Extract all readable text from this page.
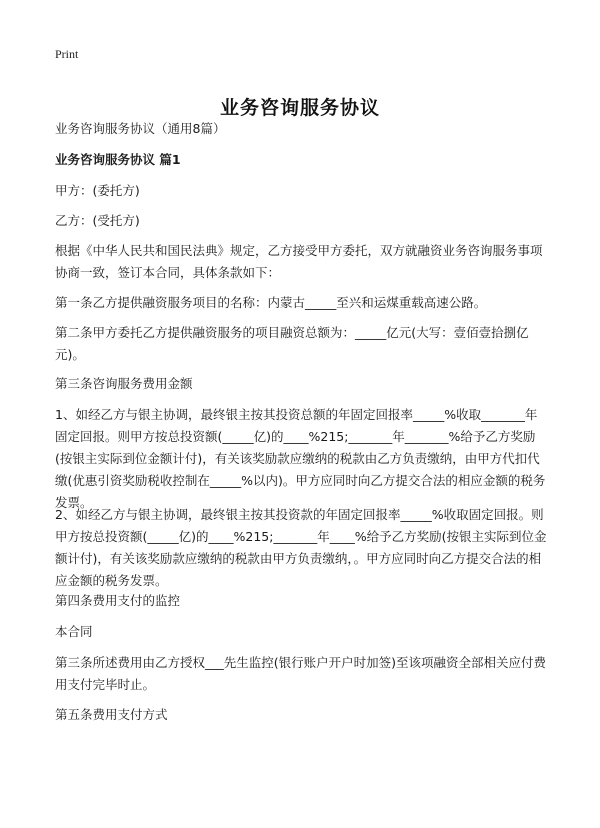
Print
业务咨询服务协议

业务咨询服务协议（通用8篇）

业务咨询服务协议 篇1

甲方：(委托方)

乙方：(受托方)

根据《中华人民共和国民法典》规定，乙方接受甲方委托，双方就融资业务咨询服务事项协商一致，签订本合同，具体条款如下：

第一条乙方提供融资服务项目的名称：内蒙古_____至兴和运煤重载高速公路。

第二条甲方委托乙方提供融资服务的项目融资总额为：_____亿元(大写：壹佰壹拾捌亿元)。

第三条咨询服务费用金额

1、如经乙方与银主协调，最终银主按其投资总额的年固定回报率_____%收取_______年固定回报。则甲方按总投资额(_____亿)的____%215;_______年_______%给予乙方奖励(按银主实际到位金额计付)，有关该奖励款应缴纳的税款由乙方负责缴纳，由甲方代扣代缴(优惠引资奖励税收控制在_____%以内)。甲方应同时向乙方提交合法的相应金额的税务发票。

2、如经乙方与银主协调，最终银主按其投资款的年固定回报率_____%收取固定回报。则甲方按总投资额(_____亿)的____%215;_______年____%给予乙方奖励(按银主实际到位金额计付)，有关该奖励款应缴纳的税款由甲方负责缴纳，。甲方应同时向乙方提交合法的相应金额的税务发票。

第四条费用支付的监控

本合同

第三条所述费用由乙方授权___先生监控(银行账户开户时加签)至该项融资全部相关应付费用支付完毕时止。

第五条费用支付方式
